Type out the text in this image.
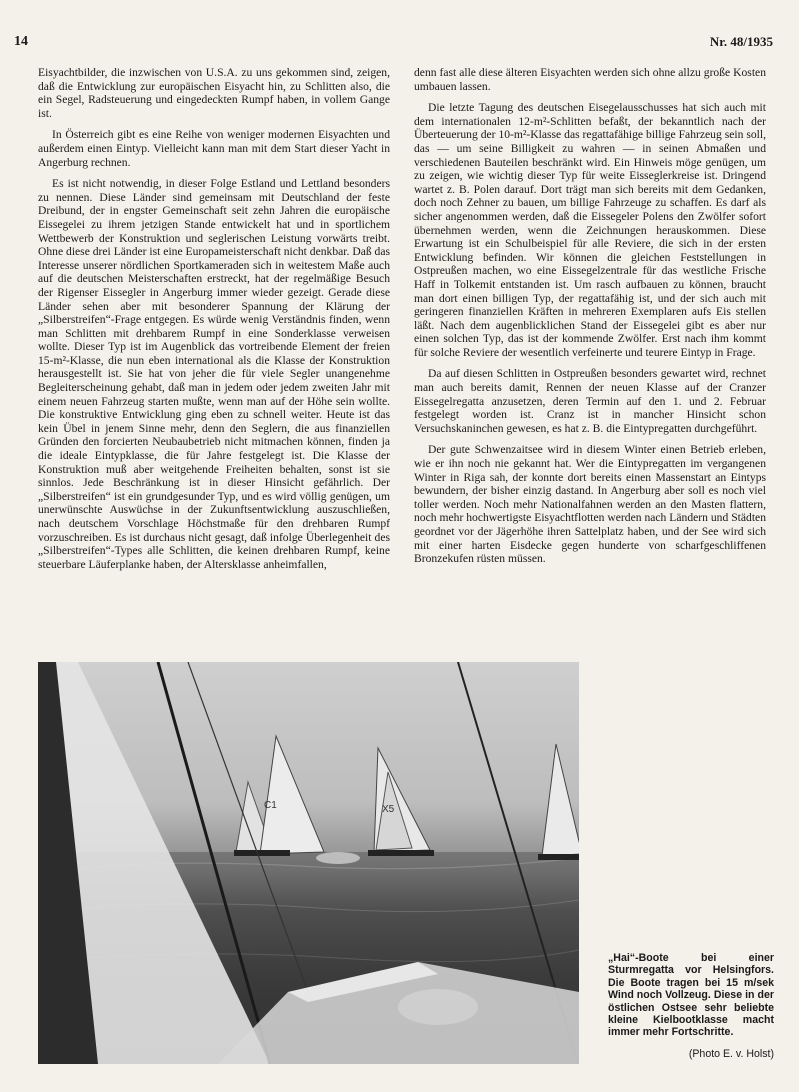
14	Nr. 48/1935

Eisyachtbilder, die inzwischen von U.S.A. zu uns gekommen sind, zeigen, daß die Entwicklung zur europäischen Eisyacht hin, zu Schlitten also, die ein Segel, Radsteuerung und eingedeckten Rumpf haben, in vollem Gange ist.

In Österreich gibt es eine Reihe von weniger modernen Eisyachten und außerdem einen Eintyp. Vielleicht kann man mit dem Start dieser Yacht in Angerburg rechnen.

Es ist nicht notwendig, in dieser Folge Estland und Lettland besonders zu nennen. Diese Länder sind gemeinsam mit Deutschland der feste Dreibund, der in engster Gemeinschaft seit zehn Jahren die europäische Eissegelei zu ihrem jetzigen Stande entwickelt hat und in sportlichem Wettbewerb der Konstruktion und seglerischen Leistung vorwärts treibt. Ohne diese drei Länder ist eine Europameisterschaft nicht denkbar. Daß das Interesse unserer nördlichen Sportkameraden sich in weitestem Maße auch auf die deutschen Meisterschaften erstreckt, hat der regelmäßige Besuch der Rigenser Eissegler in Angerburg immer wieder gezeigt. Gerade diese Länder sehen aber mit besonderer Spannung der Klärung der „Silberstreifen“-Frage entgegen. Es würde wenig Verständnis finden, wenn man Schlitten mit drehbarem Rumpf in eine Sonderklasse verweisen wollte. Dieser Typ ist im Augenblick das vortreibende Element der freien 15-m²-Klasse, die nun eben international als die Klasse der Konstruktion herausgestellt ist. Sie hat von jeher die für viele Segler unangenehme Begleiterscheinung gehabt, daß man in jedem oder jedem zweiten Jahr mit einem neuen Fahrzeug starten mußte, wenn man auf der Höhe sein wollte. Die konstruktive Entwicklung ging eben zu schnell weiter. Heute ist das kein Übel in jenem Sinne mehr, denn den Seglern, die aus finanziellen Gründen den forcierten Neubaubetrieb nicht mitmachen können, finden ja die ideale Eintypklasse, die für Jahre festgelegt ist. Die Klasse der Konstruktion muß aber weitgehende Freiheiten behalten, sonst ist sie sinnlos. Jede Beschränkung ist in dieser Hinsicht gefährlich. Der „Silberstreifen“ ist ein grundgesunder Typ, und es wird völlig genügen, um unerwünschte Auswüchse in der Zukunftsentwicklung auszuschließen, nach deutschem Vorschlage Höchstmaße für den drehbaren Rumpf vorzuschreiben. Es ist durchaus nicht gesagt, daß infolge Überlegenheit des „Silberstreifen“-Types alle Schlitten, die keinen drehbaren Rumpf, keine steuerbare Läuferplanke haben, der Altersklasse anheimfallen,

denn fast alle diese älteren Eisyachten werden sich ohne allzu große Kosten umbauen lassen.

Die letzte Tagung des deutschen Eisegelausschusses hat sich auch mit dem internationalen 12-m²-Schlitten befaßt, der bekanntlich nach der Überteuerung der 10-m²-Klasse das regattafähige billige Fahrzeug sein soll, das — um seine Billigkeit zu wahren — in seinen Abmaßen und verschiedenen Bauteilen beschränkt wird. Ein Hinweis möge genügen, um zu zeigen, wie wichtig dieser Typ für weite Eisseglerkreise ist. Dringend wartet z. B. Polen darauf. Dort trägt man sich bereits mit dem Gedanken, doch noch Zehner zu bauen, um billige Fahrzeuge zu schaffen. Es darf als sicher angenommen werden, daß die Eissegeler Polens den Zwölfer sofort übernehmen werden, wenn die Zeichnungen herauskommen. Diese Erwartung ist ein Schulbeispiel für alle Reviere, die sich in der ersten Entwicklung befinden. Wir können die gleichen Feststellungen in Ostpreußen machen, wo eine Eissegelzentrale für das westliche Frische Haff in Tolkemit entstanden ist. Um rasch aufbauen zu können, braucht man dort einen billigen Typ, der regattafähig ist, und der sich auch mit geringeren finanziellen Kräften in mehreren Exemplaren aufs Eis stellen läßt. Nach dem augenblicklichen Stand der Eissegelei gibt es aber nur einen solchen Typ, das ist der kommende Zwölfer. Erst nach ihm kommt für solche Reviere der wesentlich verfeinerte und teurere Eintyp in Frage.

Da auf diesen Schlitten in Ostpreußen besonders gewartet wird, rechnet man auch bereits damit, Rennen der neuen Klasse auf der Cranzer Eissegelregatta anzusetzen, deren Termin auf den 1. und 2. Februar festgelegt worden ist. Cranz ist in mancher Hinsicht schon Versuchskaninchen gewesen, es hat z. B. die Eintypregatten durchgeführt.

Der gute Schwenzaitsee wird in diesem Winter einen Betrieb erleben, wie er ihn noch nie gekannt hat. Wer die Eintypregatten im vergangenen Winter in Riga sah, der konnte dort bereits einen Massenstart an Eintyps bewundern, der bisher einzig dastand. In Angerburg aber soll es noch viel toller werden. Noch mehr Nationalfahnen werden an den Masten flattern, noch mehr hochwertigste Eisyachtflotten werden nach Ländern und Städten geordnet vor der Jägerhöhe ihren Sattelplatz haben, und der See wird sich mit einer harten Eisdecke gegen hunderte von scharfgeschliffenen Bronzekufen rüsten müssen.

C1	X5
„Hai“-Boote bei einer Sturmregatta vor Helsingfors. Die Boote tragen bei 15 m/sek Wind noch Vollzeug. Diese in der östlichen Ostsee sehr beliebte kleine Kielbootklasse macht immer mehr Fortschritte.
(Photo E. v. Holst)
